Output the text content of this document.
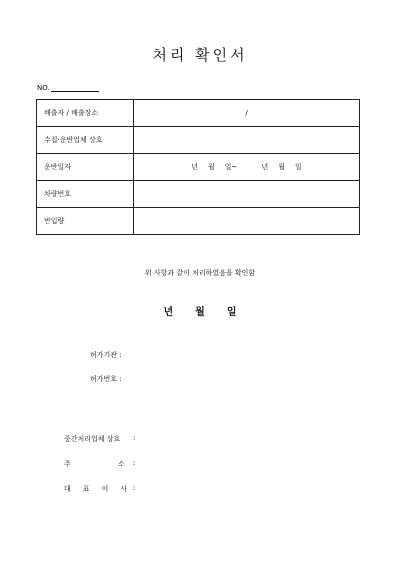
처리 확인서
NO.
배출자 / 배출장소	/
수집·운반업체 상호	
운반일자	년 월 일~ 년 월 일
차량번호	
반입량	
위 사항과 같이 처리하였음을 확인함
년 월 일
허가기관 :
허가번호 :
중간처리업체 상호 :
주	소 :
대 표 이 사 :
